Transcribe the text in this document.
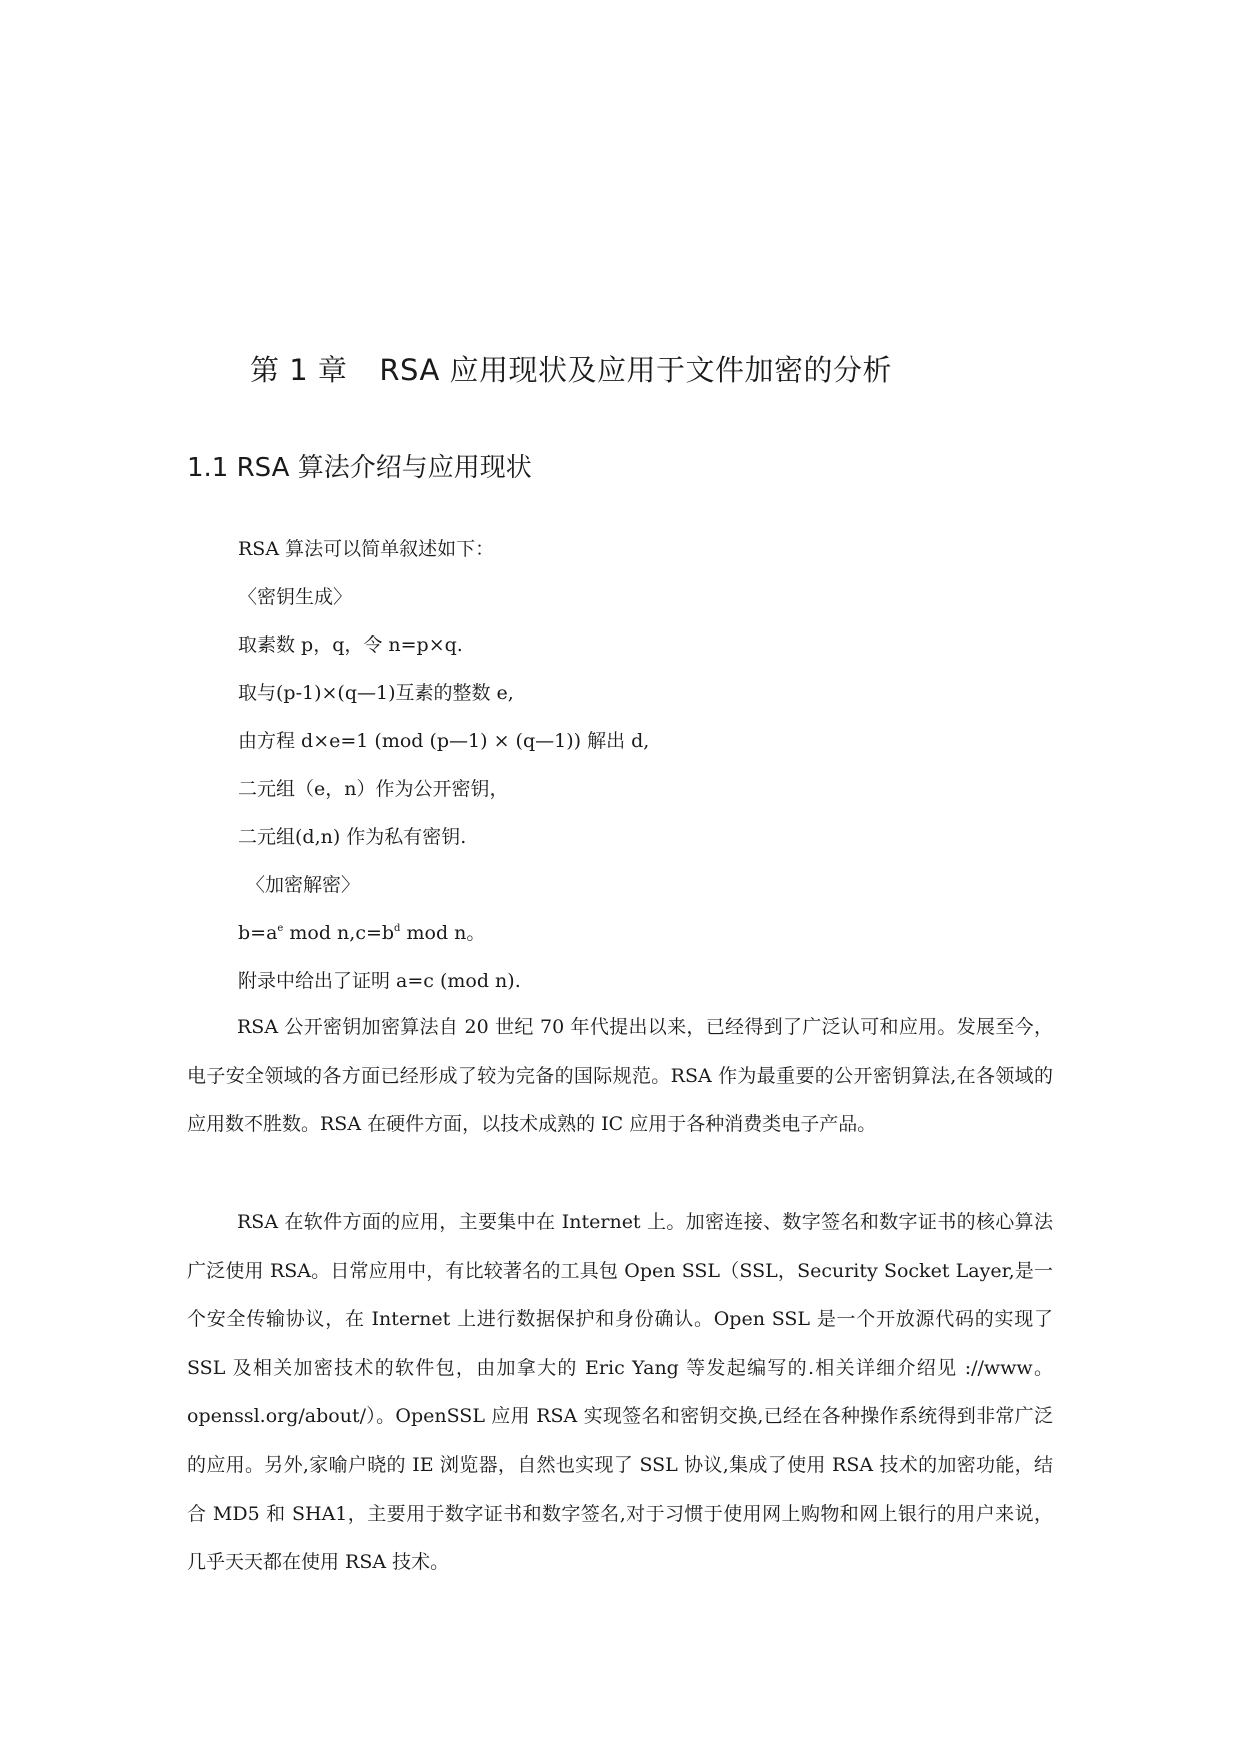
第 1 章 RSA 应用现状及应用于文件加密的分析
1.1 RSA 算法介绍与应用现状
RSA 算法可以简单叙述如下：
〈密钥生成〉
取素数 p，q，令 n=p×q.
取与(p-1)×(q—1)互素的整数 e,
由方程 d×e=1 (mod (p—1) × (q—1)) 解出 d,
二元组（e，n）作为公开密钥，
二元组(d,n) 作为私有密钥.
〈加密解密〉
$b=a^e$ mod $n,c=b^d$ mod n。
附录中给出了证明 a=c (mod n).

RSA 公开密钥加密算法自 20 世纪 70 年代提出以来，已经得到了广泛认可和应用。发展至今，电子安全领域的各方面已经形成了较为完备的国际规范。RSA 作为最重要的公开密钥算法,在各领域的应用数不胜数。RSA 在硬件方面，以技术成熟的 IC 应用于各种消费类电子产品。

RSA 在软件方面的应用，主要集中在 Internet 上。加密连接、数字签名和数字证书的核心算法广泛使用 RSA。日常应用中，有比较著名的工具包 Open SSL（SSL，Security Socket Layer,是一个安全传输协议，在 Internet 上进行数据保护和身份确认。Open SSL 是一个开放源代码的实现了 SSL 及相关加密技术的软件包，由加拿大的 Eric Yang 等发起编写的.相关详细介绍见 ://www。openssl.org/about/）。OpenSSL 应用 RSA 实现签名和密钥交换,已经在各种操作系统得到非常广泛的应用。另外,家喻户晓的 IE 浏览器，自然也实现了 SSL 协议,集成了使用 RSA 技术的加密功能，结合 MD5 和 SHA1，主要用于数字证书和数字签名,对于习惯于使用网上购物和网上银行的用户来说，几乎天天都在使用 RSA 技术。
